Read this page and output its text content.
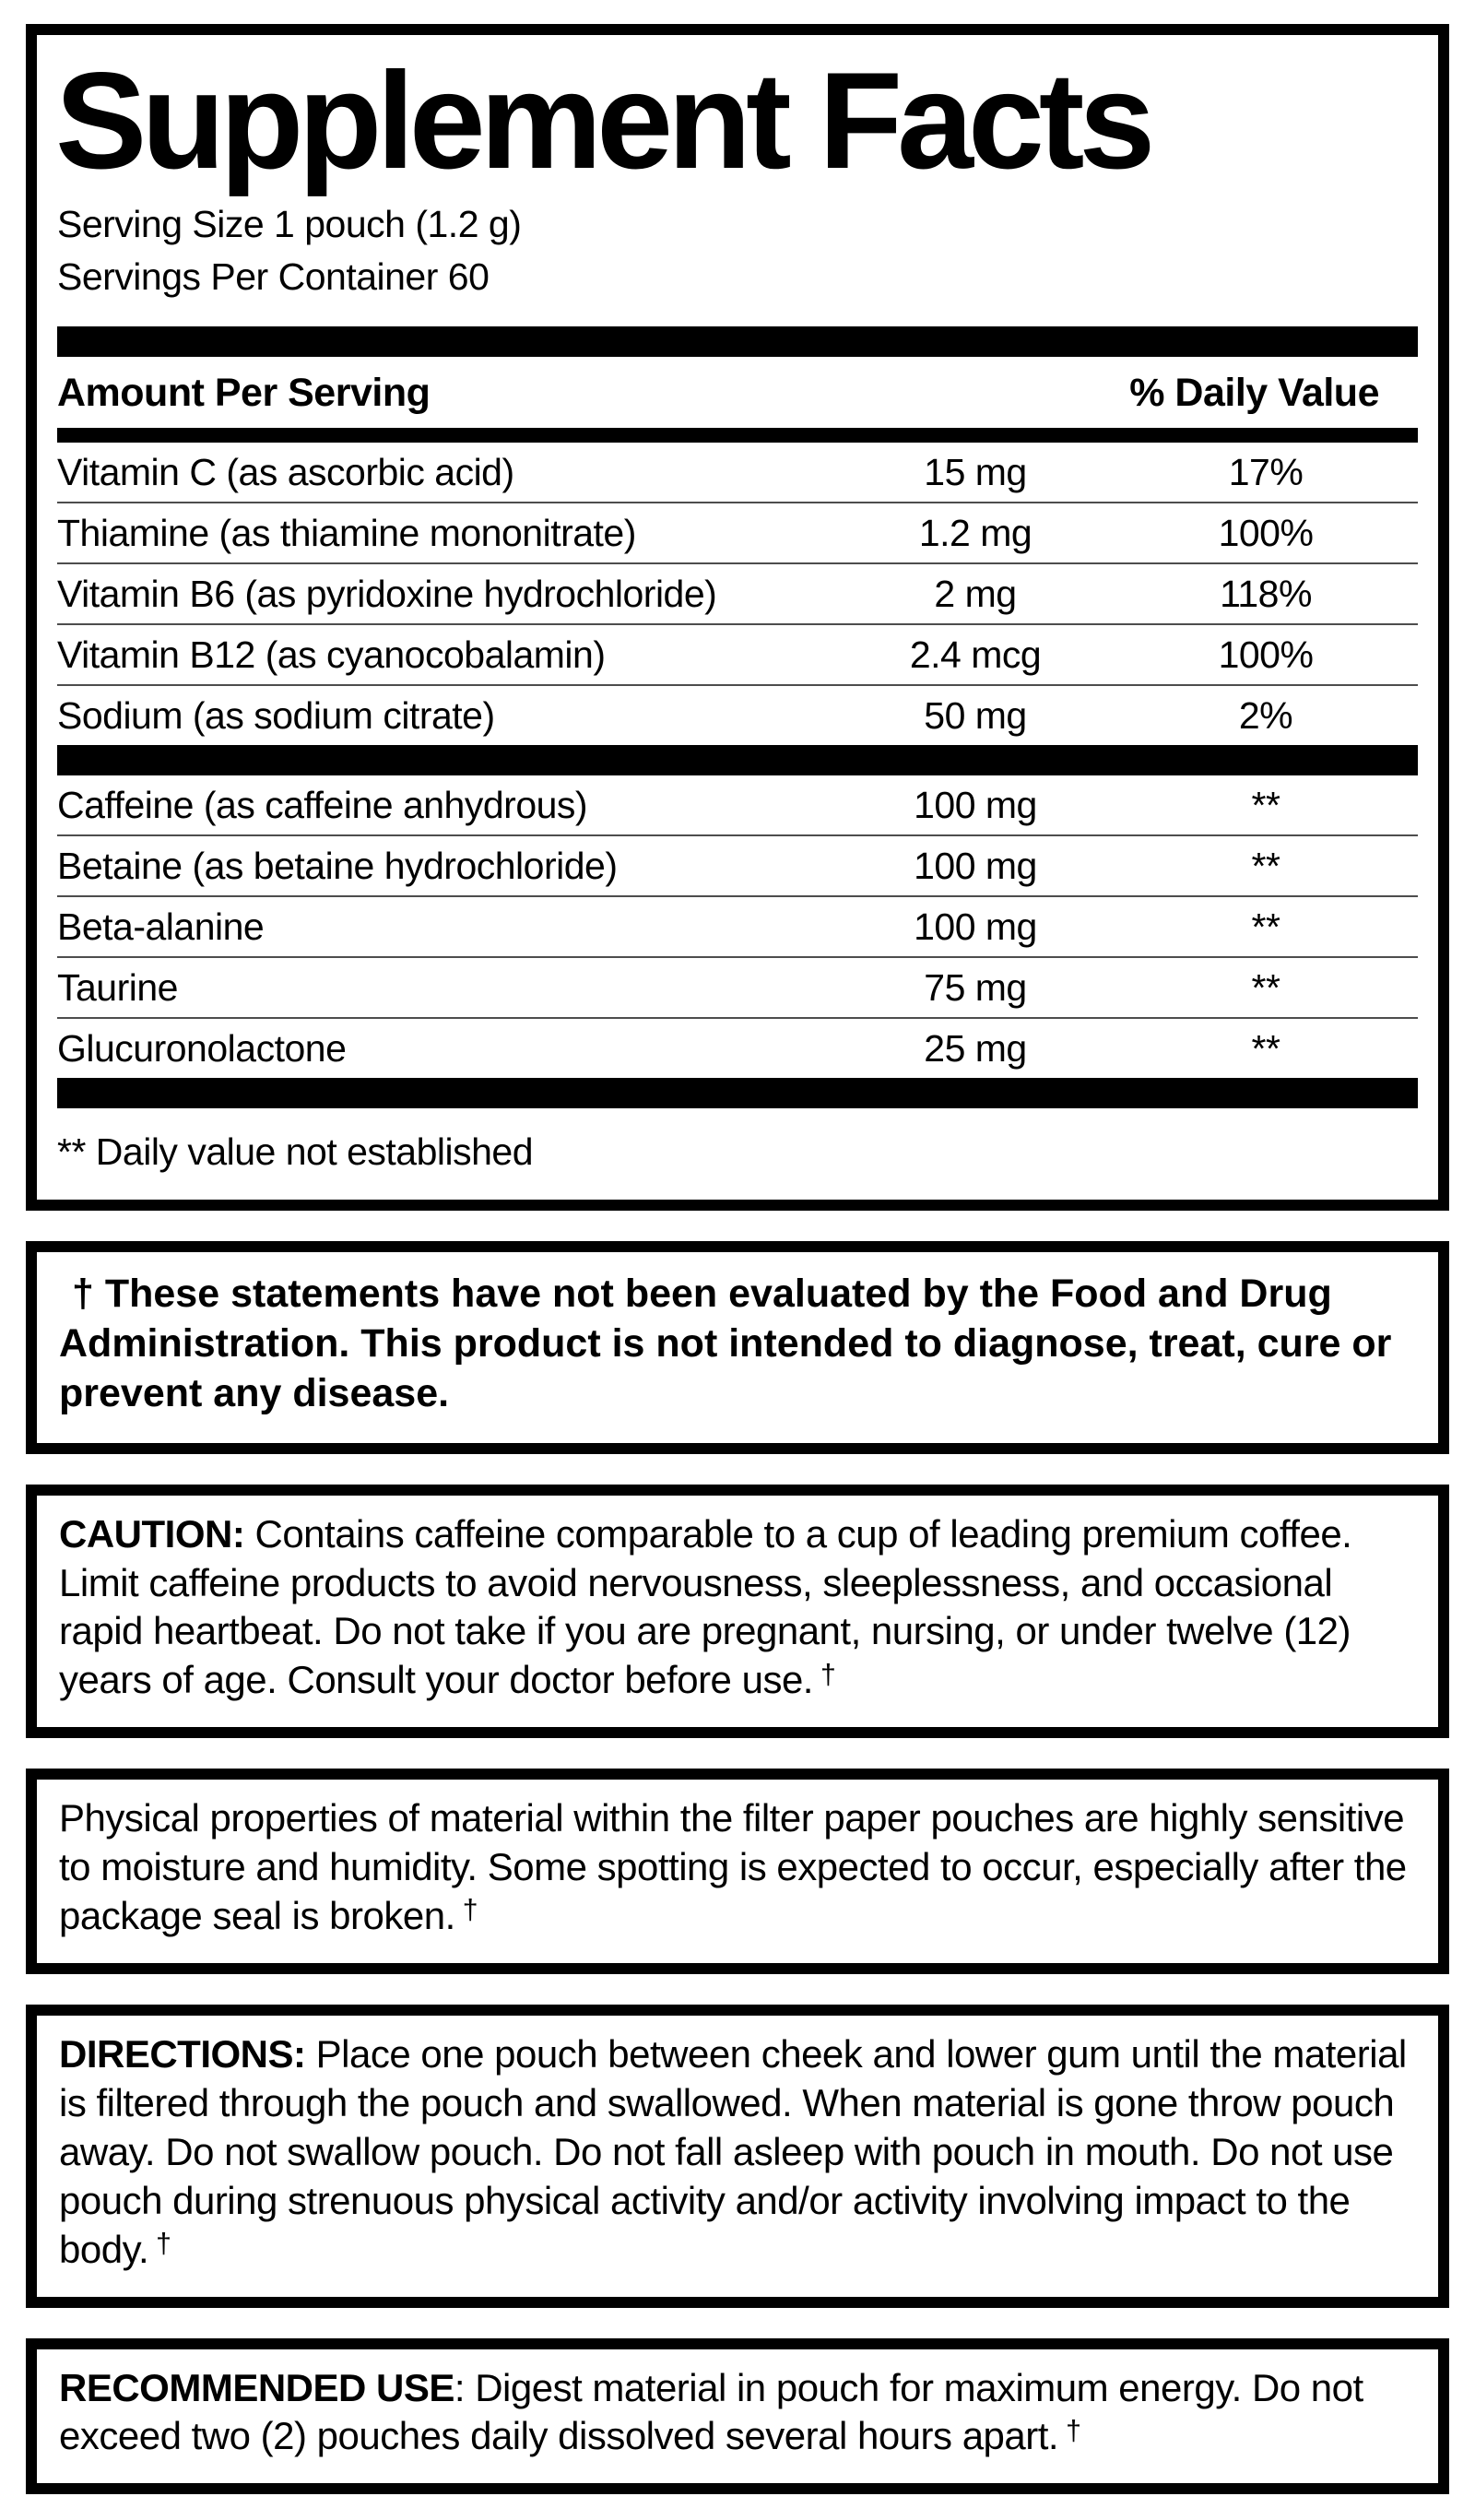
Supplement Facts
Serving Size 1 pouch (1.2 g)
Servings Per Container 60
Amount Per Serving	% Daily Value
Vitamin C (as ascorbic acid)	15 mg	17%
Thiamine (as thiamine mononitrate)	1.2 mg	100%
Vitamin B6 (as pyridoxine hydrochloride)	2 mg	118%
Vitamin B12 (as cyanocobalamin)	2.4 mcg	100%
Sodium (as sodium citrate)	50 mg	2%
Caffeine (as caffeine anhydrous)	100 mg	**
Betaine (as betaine hydrochloride)	100 mg	**
Beta-alanine	100 mg	**
Taurine	75 mg	**
Glucuronolactone	25 mg	**
** Daily value not established
† These statements have not been evaluated by the Food and Drug Administration. This product is not intended to diagnose, treat, cure or prevent any disease.
CAUTION: Contains caffeine comparable to a cup of leading premium coffee. Limit caffeine products to avoid nervousness, sleeplessness, and occasional rapid heartbeat. Do not take if you are pregnant, nursing, or under twelve (12) years of age. Consult your doctor before use. †
Physical properties of material within the filter paper pouches are highly sensitive to moisture and humidity. Some spotting is expected to occur, especially after the package seal is broken. †
DIRECTIONS: Place one pouch between cheek and lower gum until the material is filtered through the pouch and swallowed. When material is gone throw pouch away. Do not swallow pouch. Do not fall asleep with pouch in mouth. Do not use pouch during strenuous physical activity and/or activity involving impact to the body. †
RECOMMENDED USE: Digest material in pouch for maximum energy. Do not exceed two (2) pouches daily dissolved several hours apart. †
